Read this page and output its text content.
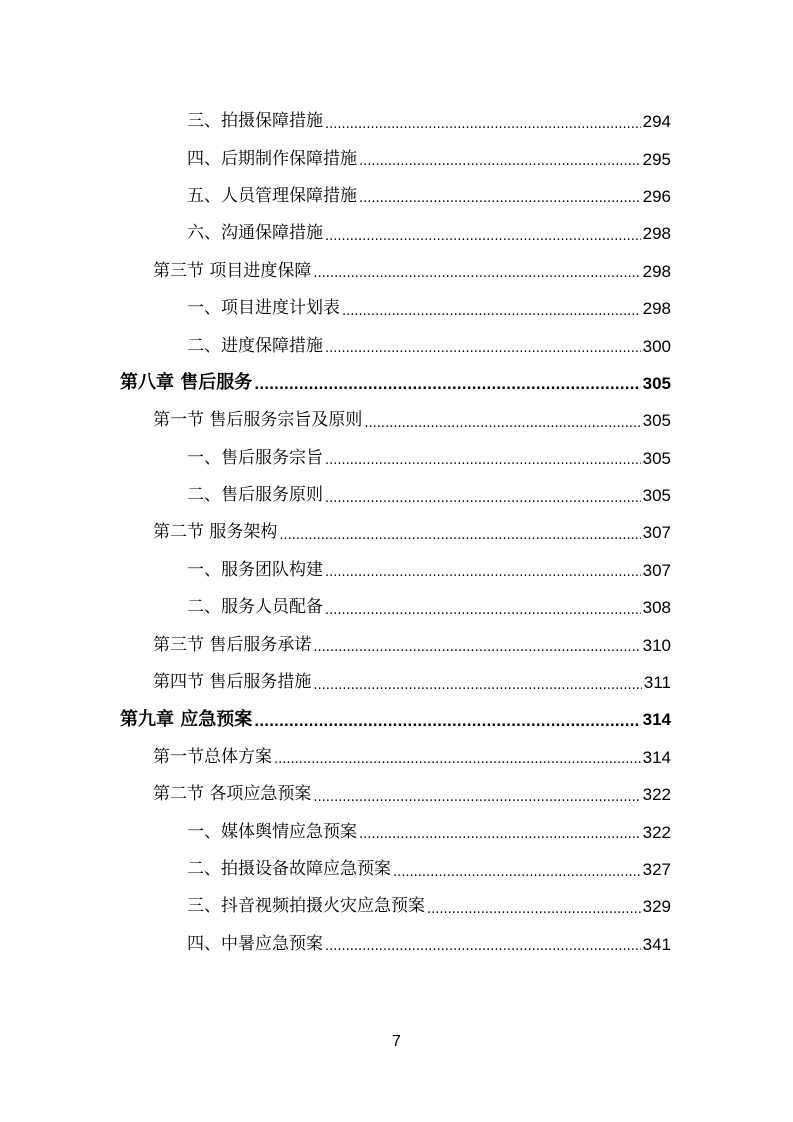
三、拍摄保障措施 .....	294
四、后期制作保障措施 .....	295
五、人员管理保障措施 .....	296
六、沟通保障措施 .....	298
第三节 项目进度保障 .....	298
一、项目进度计划表 .....	298
二、进度保障措施 .....	300
第八章 售后服务 .....	305
第一节 售后服务宗旨及原则 .....	305
一、售后服务宗旨 .....	305
二、售后服务原则 .....	305
第二节 服务架构 .....	307
一、服务团队构建 .....	307
二、服务人员配备 .....	308
第三节 售后服务承诺 .....	310
第四节 售后服务措施 .....	311
第九章 应急预案 .....	314
第一节总体方案 .....	314
第二节 各项应急预案 .....	322
一、媒体舆情应急预案 .....	322
二、拍摄设备故障应急预案 .....	327
三、抖音视频拍摄火灾应急预案 .....	329
四、中暑应急预案 .....	341
7
